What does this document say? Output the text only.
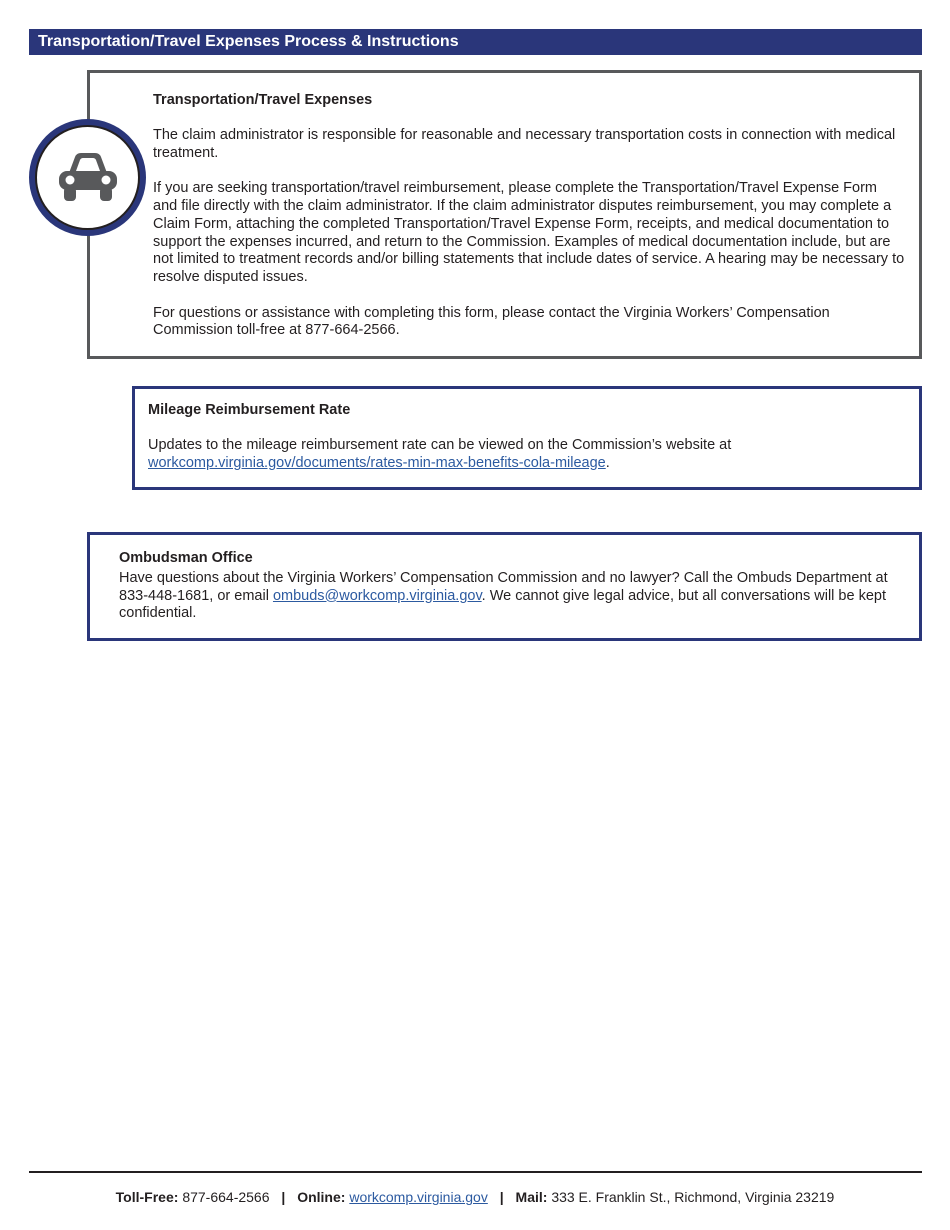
Transportation/Travel Expenses Process & Instructions
Transportation/Travel Expenses

The claim administrator is responsible for reasonable and necessary transportation costs in connection with medical treatment.

If you are seeking transportation/travel reimbursement, please complete the Transportation/Travel Expense Form and file directly with the claim administrator. If the claim administrator disputes reimbursement, you may complete a Claim Form, attaching the completed Transportation/Travel Expense Form, receipts, and medical documentation to support the expenses incurred, and return to the Commission. Examples of medical documentation include, but are not limited to treatment records and/or billing statements that include dates of service. A hearing may be necessary to resolve disputed issues.

For questions or assistance with completing this form, please contact the Virginia Workers’ Compensation Commission toll-free at 877-664-2566.

Mileage Reimbursement Rate

Updates to the mileage reimbursement rate can be viewed on the Commission’s website at
workcomp.virginia.gov/documents/rates-min-max-benefits-cola-mileage.

Ombudsman Office

Have questions about the Virginia Workers’ Compensation Commission and no lawyer? Call the Ombuds Department at 833-448-1681, or email ombuds@workcomp.virginia.gov. We cannot give legal advice, but all conversations will be kept confidential.

Toll-Free: 877-664-2566 | Online: workcomp.virginia.gov | Mail: 333 E. Franklin St., Richmond, Virginia 23219
